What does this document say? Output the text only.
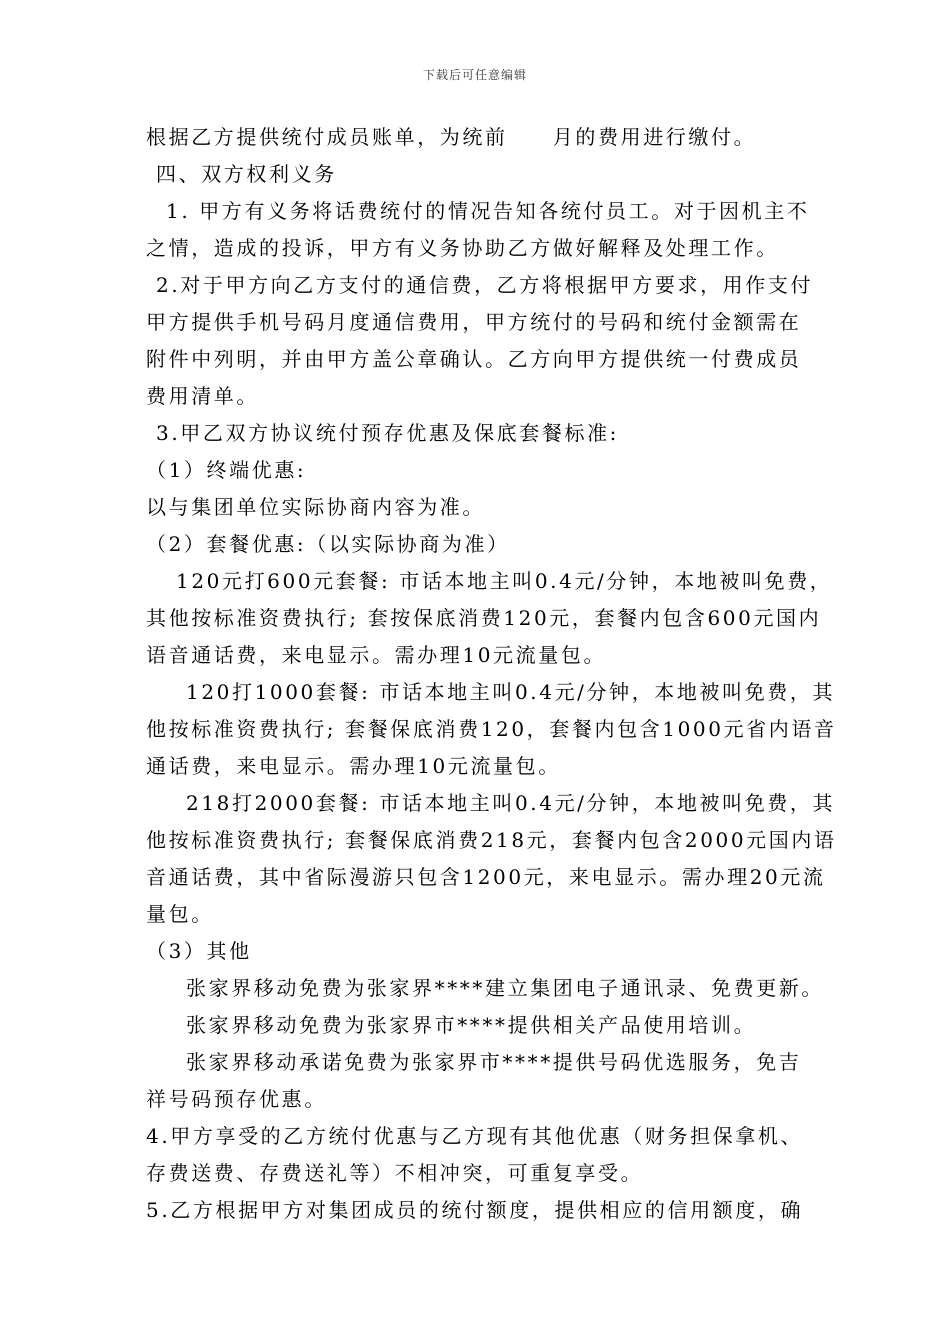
下载后可任意编辑
根据乙方提供统付成员账单，为统前　　月的费用进行缴付。
四、双方权利义务
1. 甲方有义务将话费统付的情况告知各统付员工。对于因机主不
之情，造成的投诉，甲方有义务协助乙方做好解释及处理工作。
2.对于甲方向乙方支付的通信费，乙方将根据甲方要求，用作支付
甲方提供手机号码月度通信费用，甲方统付的号码和统付金额需在
附件中列明，并由甲方盖公章确认。乙方向甲方提供统一付费成员
费用清单。
3.甲乙双方协议统付预存优惠及保底套餐标准:
（1）终端优惠:
以与集团单位实际协商内容为准。
（2）套餐优惠:（以实际协商为准）
120元打600元套餐: 市话本地主叫0.4元/分钟，本地被叫免费，
其他按标准资费执行; 套按保底消费120元，套餐内包含600元国内
语音通话费，来电显示。需办理10元流量包。
120打1000套餐: 市话本地主叫0.4元/分钟，本地被叫免费，其
他按标准资费执行; 套餐保底消费120，套餐内包含1000元省内语音
通话费，来电显示。需办理10元流量包。
218打2000套餐: 市话本地主叫0.4元/分钟，本地被叫免费，其
他按标准资费执行; 套餐保底消费218元，套餐内包含2000元国内语
音通话费，其中省际漫游只包含1200元，来电显示。需办理20元流
量包。
（3）其他
张家界移动免费为张家界****建立集团电子通讯录、免费更新。
张家界移动免费为张家界市****提供相关产品使用培训。
张家界移动承诺免费为张家界市****提供号码优选服务，免吉
祥号码预存优惠。
4.甲方享受的乙方统付优惠与乙方现有其他优惠（财务担保拿机、
存费送费、存费送礼等）不相冲突，可重复享受。
5.乙方根据甲方对集团成员的统付额度，提供相应的信用额度，确
